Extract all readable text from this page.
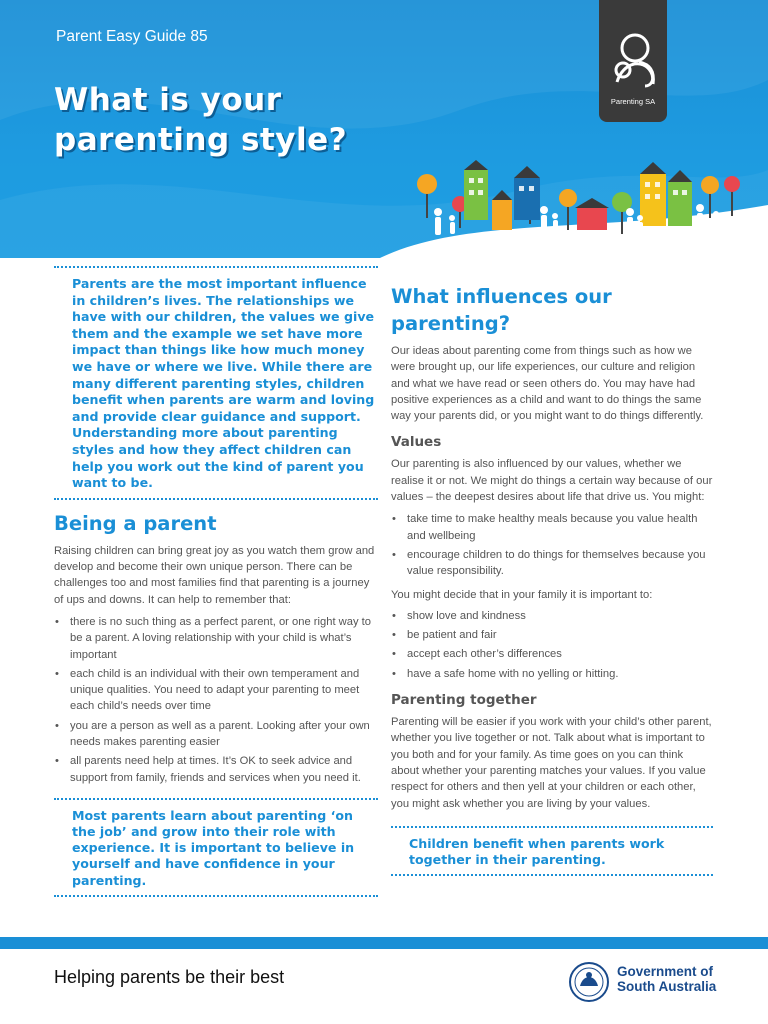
Parent Easy Guide 85
What is your
parenting style?
Parenting SA
Parents are the most important influence in children’s lives. The relationships we have with our children, the values we give them and the example we set have more impact than things like how much money we have or where we live. While there are many different parenting styles, children benefit when parents are warm and loving and provide clear guidance and support. Understanding more about parenting styles and how they affect children can help you work out the kind of parent you want to be.
Being a parent

Raising children can bring great joy as you watch them grow and develop and become their own unique person. There can be challenges too and most families find that parenting is a journey of ups and downs. It can help to remember that:

• there is no such thing as a perfect parent, or one right way to be a parent. A loving relationship with your child is what’s important
• each child is an individual with their own temperament and unique qualities. You need to adapt your parenting to meet each child’s needs over time
• you are a person as well as a parent. Looking after your own needs makes parenting easier
• all parents need help at times. It’s OK to seek advice and support from family, friends and services when you need it.
Most parents learn about parenting ‘on the job’ and grow into their role with experience. It is important to believe in yourself and have confidence in your parenting.
What influences our parenting?

Our ideas about parenting come from things such as how we were brought up, our life experiences, our culture and religion and what we have read or seen others do. You may have had positive experiences as a child and want to do things the same way your parents did, or you might want to do things differently.

Values

Our parenting is also influenced by our values, whether we realise it or not. We might do things a certain way because of our values – the deepest desires about life that drive us. You might:

• take time to make healthy meals because you value health and wellbeing
• encourage children to do things for themselves because you value responsibility.

You might decide that in your family it is important to:

• show love and kindness
• be patient and fair
• accept each other’s differences
• have a safe home with no yelling or hitting.
Parenting together

Parenting will be easier if you work with your child’s other parent, whether you live together or not. Talk about what is important to you both and for your family. As time goes on you can think about whether your parenting matches your values. If you value respect for others and then yell at your children or each other, you might ask whether you are living by your values.

Children benefit when parents work together in their parenting.
Helping parents be their best	Government of
South Australia
